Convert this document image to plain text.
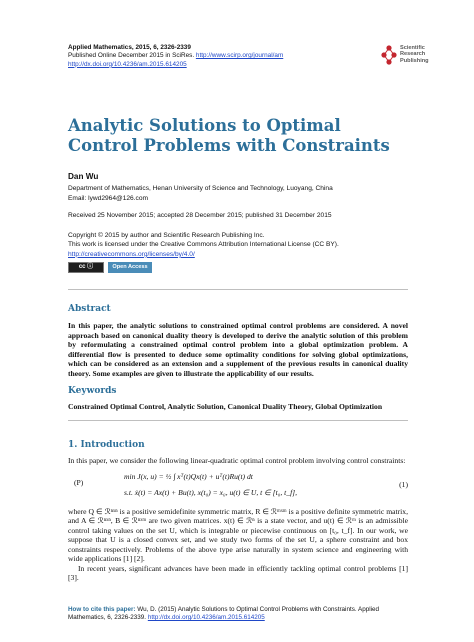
Applied Mathematics, 2015, 6, 2326-2339
Published Online December 2015 in SciRes. http://www.scirp.org/journal/am
http://dx.doi.org/10.4236/am.2015.614205
Scientific
Research
Publishing
Analytic Solutions to Optimal Control Problems with Constraints
Dan Wu
Department of Mathematics, Henan University of Science and Technology, Luoyang, China
Email: lywd2964@126.com
Received 25 November 2015; accepted 28 December 2015; published 31 December 2015
Copyright © 2015 by author and Scientific Research Publishing Inc.
This work is licensed under the Creative Commons Attribution International License (CC BY).
http://creativecommons.org/licenses/by/4.0/
cc ⓘ	Open Access
Abstract
In this paper, the analytic solutions to constrained optimal control problems are considered. A novel approach based on canonical duality theory is developed to derive the analytic solution of this problem by reformulating a constrained optimal control problem into a global optimization problem. A differential flow is presented to deduce some optimality conditions for solving global optimizations, which can be considered as an extension and a supplement of the previous results in canonical duality theory. Some examples are given to illustrate the applicability of our results.
Keywords
Constrained Optimal Control, Analytic Solution, Canonical Duality Theory, Global Optimization
1. Introduction
In this paper, we consider the following linear-quadratic optimal control problem involving control constraints:
(P)
min J(x, u) = ½ ∫ xᵀ(t)Qx(t) + uᵀ(t)Ru(t) dt
s.t. ẋ(t) = Ax(t) + Bu(t), x(t₀) = x₀, u(t) ∈ U, t ∈ [t₀, t_f],
(1)
where Q ∈ ℛⁿˣⁿ is a positive semidefinite symmetric matrix, R ∈ ℛᵐˣᵐ is a positive definite symmetric matrix, and A ∈ ℛⁿˣⁿ, B ∈ ℛⁿˣᵐ are two given matrices. x(t) ∈ ℛⁿ is a state vector, and u(t) ∈ ℛᵐ is an admissible control taking values on the set U, which is integrable or piecewise continuous on [t₀, t_f]. In our work, we suppose that U is a closed convex set, and we study two forms of the set U, a sphere constraint and box constraints respectively. Problems of the above type arise naturally in system science and engineering with wide applications [1] [2].
In recent years, significant advances have been made in efficiently tackling optimal control problems [1] [3].
How to cite this paper: Wu, D. (2015) Analytic Solutions to Optimal Control Problems with Constraints. Applied Mathematics, 6, 2326-2339. http://dx.doi.org/10.4236/am.2015.614205
